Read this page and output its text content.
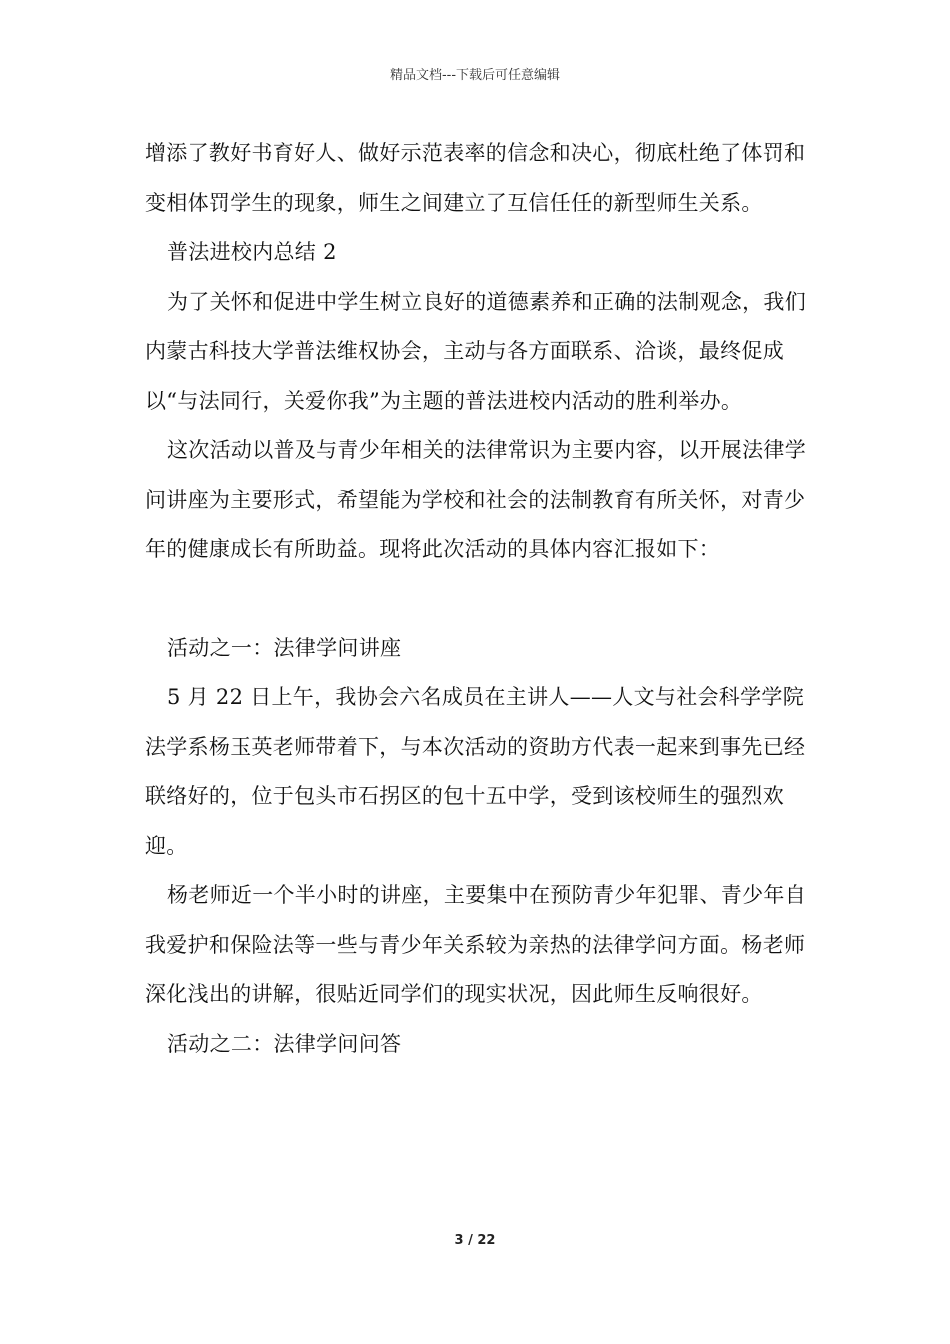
精品文档---下载后可任意编辑

增添了教好书育好人、做好示范表率的信念和决心，彻底杜绝了体罚和变相体罚学生的现象，师生之间建立了互信任任的新型师生关系。

普法进校内总结 2

为了关怀和促进中学生树立良好的道德素养和正确的法制观念，我们内蒙古科技大学普法维权协会，主动与各方面联系、洽谈，最终促成以“与法同行，关爱你我”为主题的普法进校内活动的胜利举办。

这次活动以普及与青少年相关的法律常识为主要内容，以开展法律学问讲座为主要形式，希望能为学校和社会的法制教育有所关怀，对青少年的健康成长有所助益。现将此次活动的具体内容汇报如下：

活动之一：法律学问讲座

5 月 22 日上午，我协会六名成员在主讲人——人文与社会科学学院法学系杨玉英老师带着下，与本次活动的资助方代表一起来到事先已经联络好的，位于包头市石拐区的包十五中学，受到该校师生的强烈欢迎。

杨老师近一个半小时的讲座，主要集中在预防青少年犯罪、青少年自我爱护和保险法等一些与青少年关系较为亲热的法律学问方面。杨老师深化浅出的讲解，很贴近同学们的现实状况，因此师生反响很好。

活动之二：法律学问问答

3 / 22
